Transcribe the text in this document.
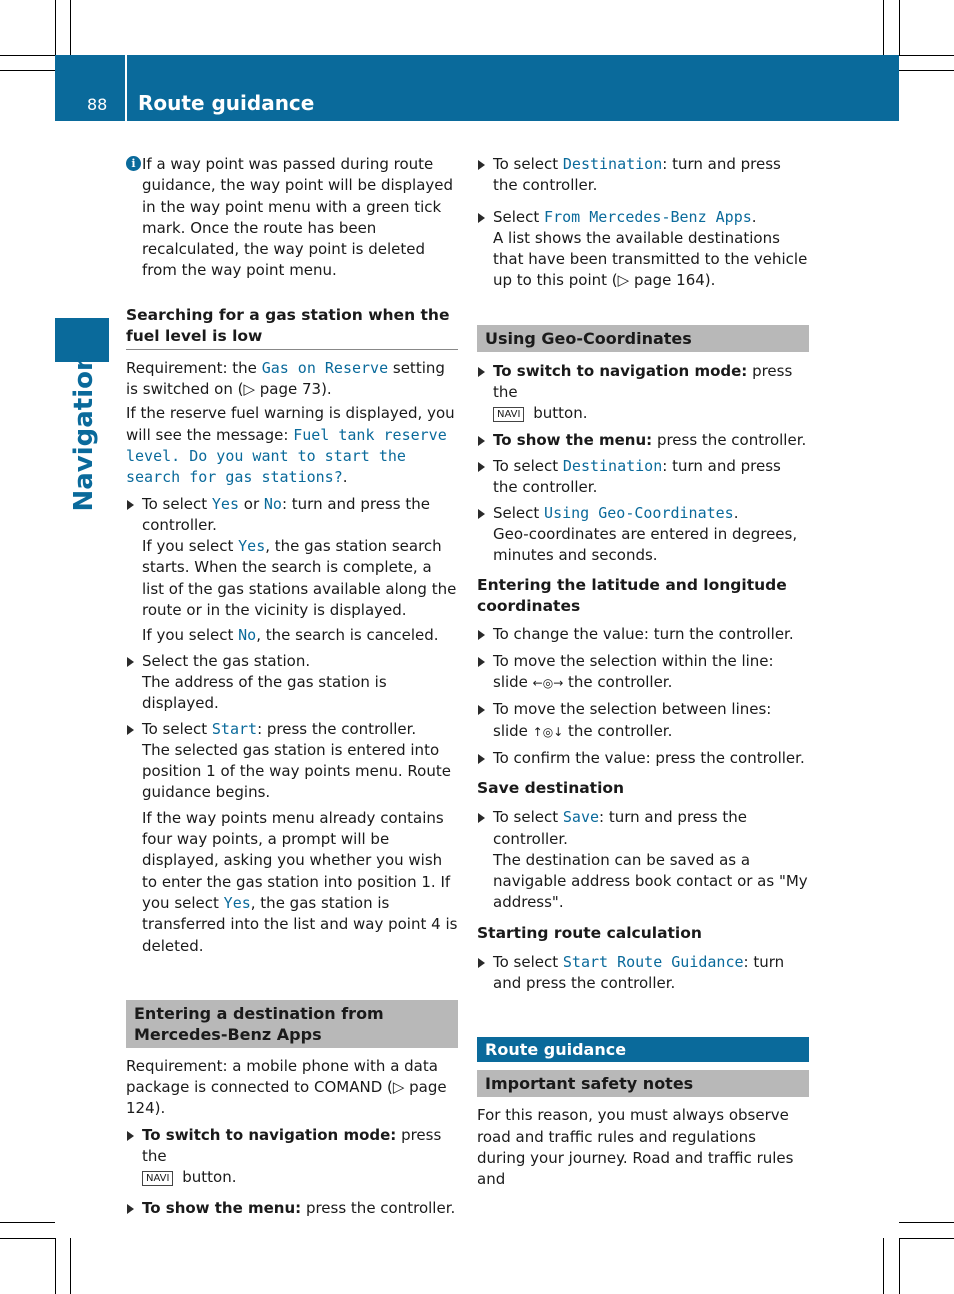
88 Route guidance
Navigation
i If a way point was passed during route guidance, the way point will be displayed in the way point menu with a green tick mark. Once the route has been recalculated, the way point is deleted from the way point menu.
Searching for a gas station when the fuel level is low

Requirement: the Gas on Reserve setting is switched on (▷ page 73).

If the reserve fuel warning is displayed, you will see the message: Fuel tank reserve level. Do you want to start the search for gas stations?.

To select Yes or No: turn and press the controller.
If you select Yes, the gas station search starts. When the search is complete, a list of the gas stations available along the route or in the vicinity is displayed.
If you select No, the search is canceled.
Select the gas station.
The address of the gas station is displayed.
To select Start: press the controller.
The selected gas station is entered into position 1 of the way points menu. Route guidance begins.
If the way points menu already contains four way points, a prompt will be displayed, asking you whether you wish to enter the gas station into position 1. If you select Yes, the gas station is transferred into the list and way point 4 is deleted.
Entering a destination from Mercedes-Benz Apps

Requirement: a mobile phone with a data package is connected to COMAND (▷ page 124).

To switch to navigation mode: press the
NAVI button.
To show the menu: press the controller.
To select Destination: turn and press the controller.
Select From Mercedes-Benz Apps.
A list shows the available destinations that have been transmitted to the vehicle up to this point (▷ page 164).
Using Geo-Coordinates
To switch to navigation mode: press the
NAVI button.
To show the menu: press the controller.
To select Destination: turn and press the controller.
Select Using Geo-Coordinates.
Geo-coordinates are entered in degrees, minutes and seconds.
Entering the latitude and longitude coordinates
To change the value: turn the controller.
To move the selection within the line: slide ←◎→ the controller.
To move the selection between lines: slide ↑◎↓ the controller.
To confirm the value: press the controller.
Save destination
To select Save: turn and press the controller.
The destination can be saved as a navigable address book contact or as "My address".
Starting route calculation
To select Start Route Guidance: turn and press the controller.
Route guidance
Important safety notes

For this reason, you must always observe road and traffic rules and regulations during your journey. Road and traffic rules and
